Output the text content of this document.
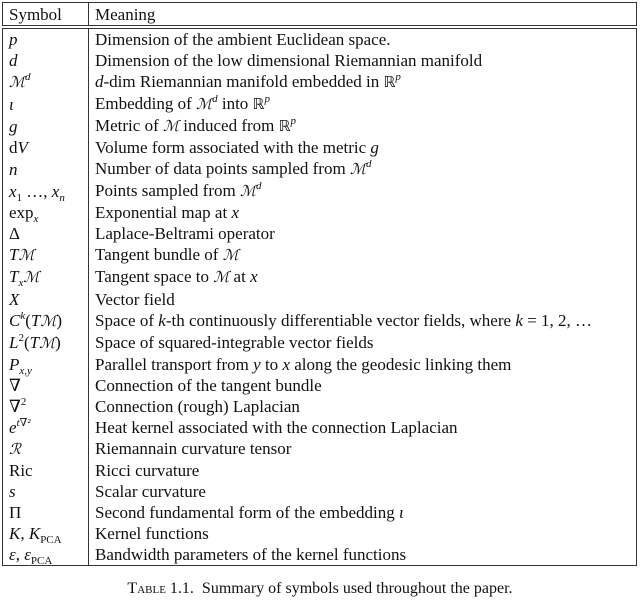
Symbol	Meaning
p	Dimension of the ambient Euclidean space.
d	Dimension of the low dimensional Riemannian manifold
ℳ$^d$	d-dim Riemannian manifold embedded in ℝ$^p$
ι	Embedding of ℳ$^d$ into ℝ$^p$
g	Metric of ℳ induced from ℝ$^p$
dV	Volume form associated with the metric g
n	Number of data points sampled from ℳ$^d$
$x_1$ …, $x_n$	Points sampled from ℳ$^d$
$\exp_x$	Exponential map at x
Δ	Laplace-Beltrami operator
Tℳ	Tangent bundle of ℳ
$T_xℳ$	Tangent space to ℳ at x
X	Vector field
$C^k(Tℳ)$	Space of k-th continuously differentiable vector fields, where k = 1, 2, …
$L^2(Tℳ)$	Space of squared-integrable vector fields
$P_{x,y}$	Parallel transport from y to x along the geodesic linking them
∇	Connection of the tangent bundle
∇$^2$	Connection (rough) Laplacian
$e^{t\nabla^2}$	Heat kernel associated with the connection Laplacian
ℛ	Riemannain curvature tensor
Ric	Ricci curvature
s	Scalar curvature
Π	Second fundamental form of the embedding ι
K, $K_{PCA}$	Kernel functions
ε, $\varepsilon_{PCA}$	Bandwidth parameters of the kernel functions
Table 1.1. Summary of symbols used throughout the paper.
